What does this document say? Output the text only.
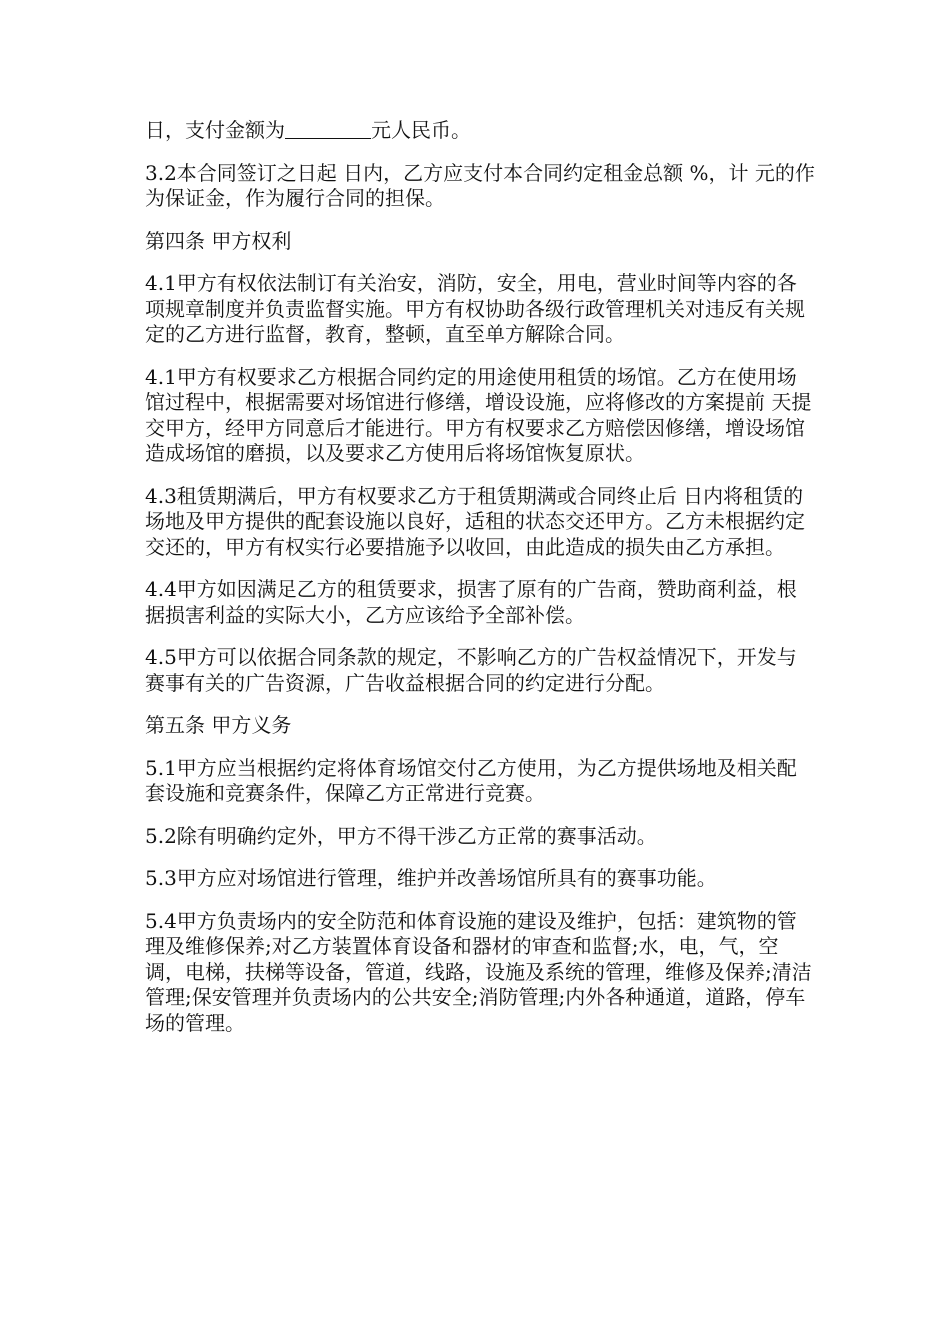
日，支付金额为	元人民币。

3.2本合同签订之日起 日内，乙方应支付本合同约定租金总额 %，计 元的作为保证金，作为履行合同的担保。

第四条 甲方权利

4.1甲方有权依法制订有关治安，消防，安全，用电，营业时间等内容的各项规章制度并负责监督实施。甲方有权协助各级行政管理机关对违反有关规定的乙方进行监督，教育，整顿，直至单方解除合同。

4.1甲方有权要求乙方根据合同约定的用途使用租赁的场馆。乙方在使用场馆过程中，根据需要对场馆进行修缮，增设设施，应将修改的方案提前 天提交甲方，经甲方同意后才能进行。甲方有权要求乙方赔偿因修缮，增设场馆造成场馆的磨损，以及要求乙方使用后将场馆恢复原状。

4.3租赁期满后，甲方有权要求乙方于租赁期满或合同终止后 日内将租赁的场地及甲方提供的配套设施以良好，适租的状态交还甲方。乙方未根据约定交还的，甲方有权实行必要措施予以收回，由此造成的损失由乙方承担。

4.4甲方如因满足乙方的租赁要求，损害了原有的广告商，赞助商利益，根据损害利益的实际大小，乙方应该给予全部补偿。

4.5甲方可以依据合同条款的规定，不影响乙方的广告权益情况下，开发与赛事有关的广告资源，广告收益根据合同的约定进行分配。

第五条 甲方义务

5.1甲方应当根据约定将体育场馆交付乙方使用，为乙方提供场地及相关配套设施和竞赛条件，保障乙方正常进行竞赛。

5.2除有明确约定外，甲方不得干涉乙方正常的赛事活动。

5.3甲方应对场馆进行管理，维护并改善场馆所具有的赛事功能。

5.4甲方负责场内的安全防范和体育设施的建设及维护，包括：建筑物的管理及维修保养;对乙方装置体育设备和器材的审查和监督;水，电，气，空调，电梯，扶梯等设备，管道，线路，设施及系统的管理，维修及保养;清洁管理;保安管理并负责场内的公共安全;消防管理;内外各种通道，道路，停车场的管理。
